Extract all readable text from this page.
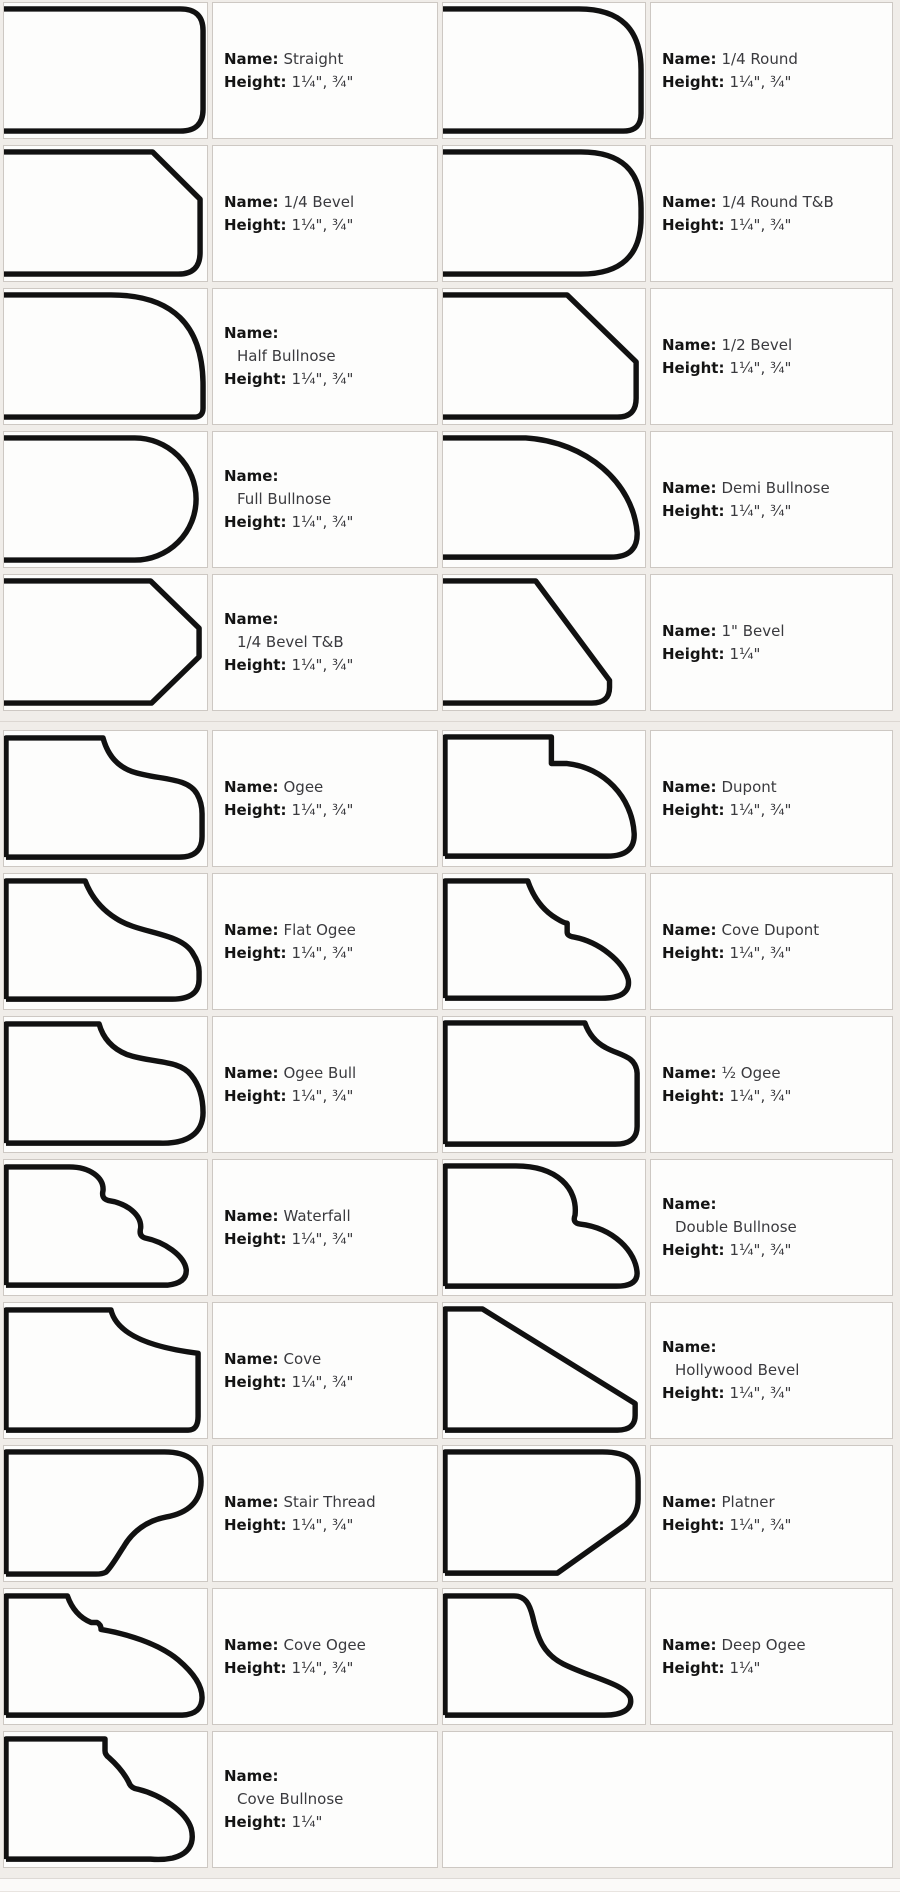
Name: Straight
Height: 1¼", ¾"
Name: 1/4 Round
Height: 1¼", ¾"
Name: 1/4 Bevel
Height: 1¼", ¾"
Name: 1/4 Round T&B
Height: 1¼", ¾"
Name:
Half Bullnose
Height: 1¼", ¾"
Name: 1/2 Bevel
Height: 1¼", ¾"
Name:
Full Bullnose
Height: 1¼", ¾"
Name: Demi Bullnose
Height: 1¼", ¾"
Name:
1/4 Bevel T&B
Height: 1¼", ¾"
Name: 1" Bevel
Height: 1¼"
Name: Ogee
Height: 1¼", ¾"
Name: Dupont
Height: 1¼", ¾"
Name: Flat Ogee
Height: 1¼", ¾"
Name: Cove Dupont
Height: 1¼", ¾"
Name: Ogee Bull
Height: 1¼", ¾"
Name: ½ Ogee
Height: 1¼", ¾"
Name: Waterfall
Height: 1¼", ¾"
Name:
Double Bullnose
Height: 1¼", ¾"
Name: Cove
Height: 1¼", ¾"
Name:
Hollywood Bevel
Height: 1¼", ¾"
Name: Stair Thread
Height: 1¼", ¾"
Name: Platner
Height: 1¼", ¾"
Name: Cove Ogee
Height: 1¼", ¾"
Name: Deep Ogee
Height: 1¼"
Name:
Cove Bullnose
Height: 1¼"
